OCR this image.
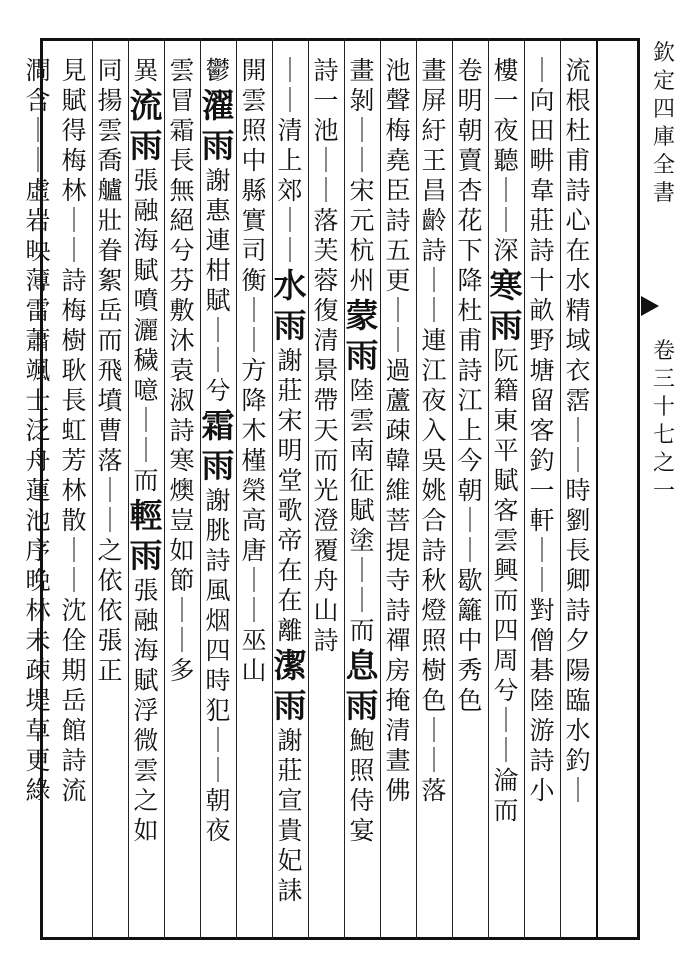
欽定四庫全書
卷三十七之一
流根杜甫詩心在水精域衣霑
｜｜時劉長卿詩夕陽臨水釣｜
｜向田畊韋莊詩十畝野塘留客釣一軒｜｜對僧碁陸游詩小
樓一夜聽｜｜深
寒雨
阮籍東平賦客雲興而四周兮｜｜淪而
卷明朝賣杏花
下降杜甫詩江上今朝｜｜歇籬中秀色
畫屏紆王昌齡詩｜｜連江夜入吳姚合詩秋燈照樹色｜｜落
池聲梅堯臣詩五更｜｜過蘆疎韓維菩提寺詩禪房掩清晝佛
畫剝｜｜宋元杭州
蒙雨
陸雲南征賦塗｜｜而
息雨
鮑照侍宴
詩一池｜｜落芙蓉
復清景帶天而光澄
覆舟山詩
｜｜清上郊｜｜
水雨
謝莊宋明堂歌帝在在離
潔雨
謝莊宣貴妃誄
開雲照中縣
實司衡｜｜方降木槿榮
高唐｜｜巫山
鬱
濯雨
謝惠連柑賦｜｜兮
霜雨
謝朓詩風烟四時犯｜｜朝夜
雲
冒霜長無絕兮芬敷
沐袁淑詩寒燠豈如節｜｜多
異
流雨
張融海賦噴灑穢噫｜｜而
輕雨
張融海賦浮微雲之如
同
揚雲喬艫壯眷絮岳而飛墳
曹落｜｜之依依張正
見賦得梅林｜｜詩梅樹耿長虹芳林散｜｜沈佺期岳館詩流
澗含｜｜虛岩映薄雷蕭颯士泛舟蓮池序晚林未疎堤草更綠
